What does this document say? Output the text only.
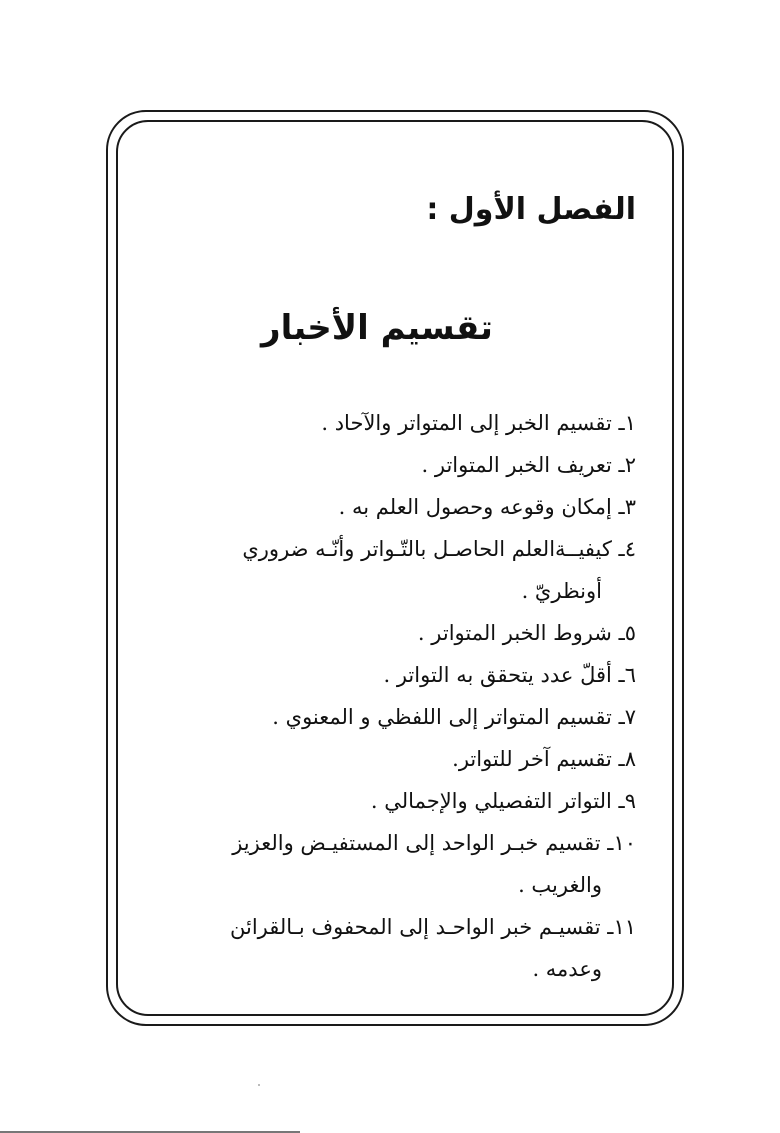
الفصل الأول :
تقسيم الأخبار
١ـ تقسيم الخبر إلى المتواتر والآحاد .
٢ـ تعريف الخبر المتواتر .
٣ـ إمكان وقوعه وحصول العلم به .
٤ـ كيفيــةالعلم الحاصـل بالتّـواتر وأنّـه ضروري
أونظريّ .
٥ـ شروط الخبر المتواتر .
٦ـ أقلّ عدد يتحقق به التواتر .
٧ـ تقسيم المتواتر إلى اللفظي و المعنوي .
٨ـ تقسيم آخر للتواتر.
٩ـ التواتر التفصيلي والإجمالي .
١٠ـ تقسيم خبـر الواحد إلى المستفيـض والعزيز
والغريب .
١١ـ تقسيـم خبر الواحـد إلى المحفوف بـالقرائن
وعدمه .
